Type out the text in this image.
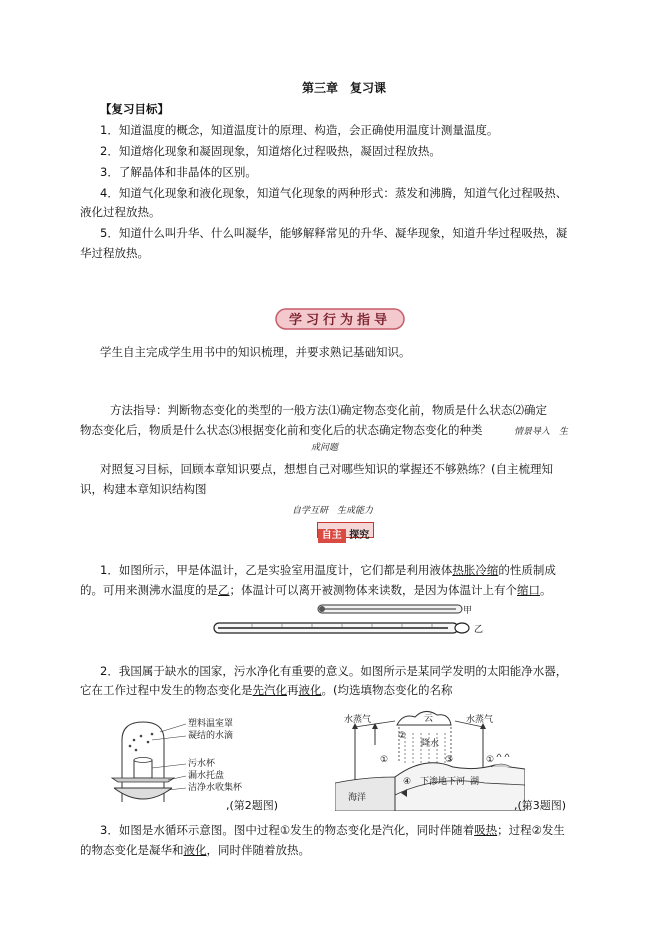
第三章　复习课
【复习目标】
1．知道温度的概念，知道温度计的原理、构造，会正确使用温度计测量温度。
2．知道熔化现象和凝固现象，知道熔化过程吸热，凝固过程放热。
3．了解晶体和非晶体的区别。
4．知道气化现象和液化现象，知道气化现象的两种形式：蒸发和沸腾，知道气化过程吸热、
液化过程放热。
5．知道什么叫升华、什么叫凝华，能够解释常见的升华、凝华现象，知道升华过程吸热，凝
华过程放热。
学习行为指导
学生自主完成学生用书中的知识梳理，并要求熟记基础知识。
方法指导：判断物态变化的类型的一般方法⑴确定物态变化前，物质是什么状态⑵确定
物态变化后，物质是什么状态⑶根据变化前和变化后的状态确定物态变化的种类	情景导入　生
成问题
对照复习目标，回顾本章知识要点，想想自己对哪些知识的掌握还不够熟练？(自主梳理知
识，构建本章知识结构图
自学互研　生成能力
自主 探究
1．如图所示，甲是体温计，乙是实验室用温度计，它们都是利用液体热胀冷缩的性质制成
的。可用来测沸水温度的是乙；体温计可以离开被测物体来读数，是因为体温计上有个缩口。
甲
乙
2．我国属于缺水的国家，污水净化有重要的意义。如图所示是某同学发明的太阳能净水器，
它在工作过程中发生的物态变化是先汽化再液化。(均选填物态变化的名称
塑料温室罩
凝结的水滴
污水杯
漏水托盘
洁净水收集杯
,(第2题图)
水蒸气	云	水蒸气
降水
②
①	③	①
④ 下渗地下河 湖
海洋
,(第3题图)
3．如图是水循环示意图。图中过程①发生的物态变化是汽化，同时伴随着吸热；过程②发生
的物态变化是凝华和液化，同时伴随着放热。
